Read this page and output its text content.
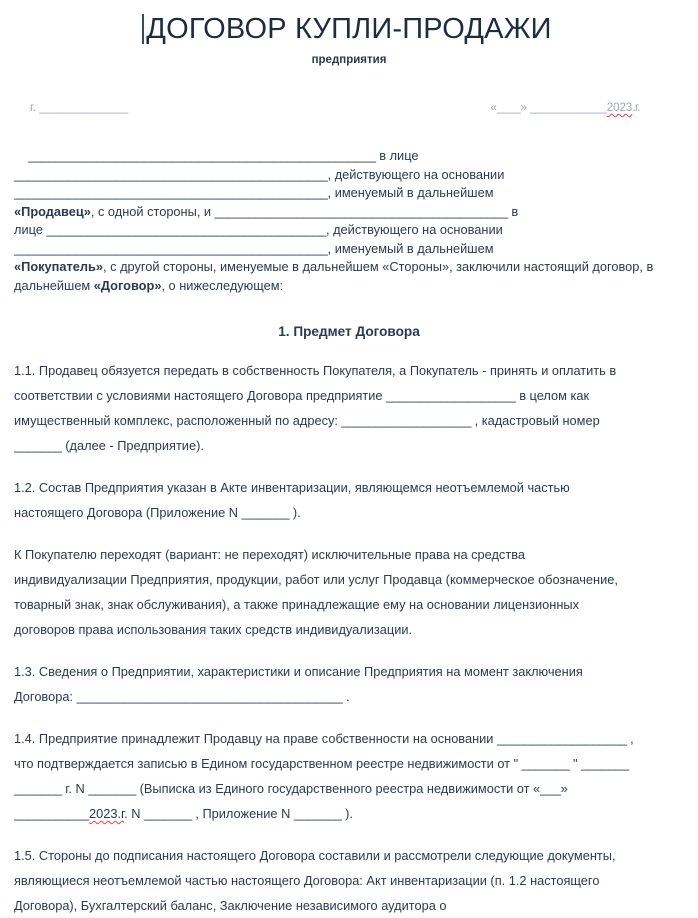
ДОГОВОР КУПЛИ-ПРОДАЖИ
предприятия
г. _______________	«____» _____________2023.г.

___________________________________________________ в лице

______________________________________________, действующего на основании

______________________________________________, именуемый в дальнейшем

«Продавец», с одной стороны, и ___________________________________________ в

лице _________________________________________, действующего на основании

______________________________________________, именуемый в дальнейшем

«Покупатель», с другой стороны, именуемые в дальнейшем «Стороны», заключили настоящий договор, в дальнейшем «Договор», о нижеследующем:

1. Предмет Договора
1.1. Продавец обязуется передать в собственность Покупателя, а Покупатель - принять и оплатить в соответствии с условиями настоящего Договора предприятие ___________________ в целом как имущественный комплекс, расположенный по адресу: ___________________ , кадастровый номер _______ (далее - Предприятие).
1.2. Состав Предприятия указан в Акте инвентаризации, являющемся неотъемлемой частью настоящего Договора (Приложение N _______ ).
К Покупателю переходят (вариант: не переходят) исключительные права на средства индивидуализации Предприятия, продукции, работ или услуг Продавца (коммерческое обозначение, товарный знак, знак обслуживания), а также принадлежащие ему на основании лицензионных договоров права использования таких средств индивидуализации.
1.3. Сведения о Предприятии, характеристики и описание Предприятия на момент заключения Договора: _______________________________________ .
1.4. Предприятие принадлежит Продавцу на праве собственности на основании ___________________ , что подтверждается записью в Едином государственном реестре недвижимости от " _______ " _______ _______ г. N _______ (Выписка из Единого государственного реестра недвижимости от «___» ___________2023.г. N _______ , Приложение N _______ ).
1.5. Стороны до подписания настоящего Договора составили и рассмотрели следующие документы, являющиеся неотъемлемой частью настоящего Договора: Акт инвентаризации (п. 1.2 настоящего Договора), Бухгалтерский баланс, Заключение независимого аудитора о
